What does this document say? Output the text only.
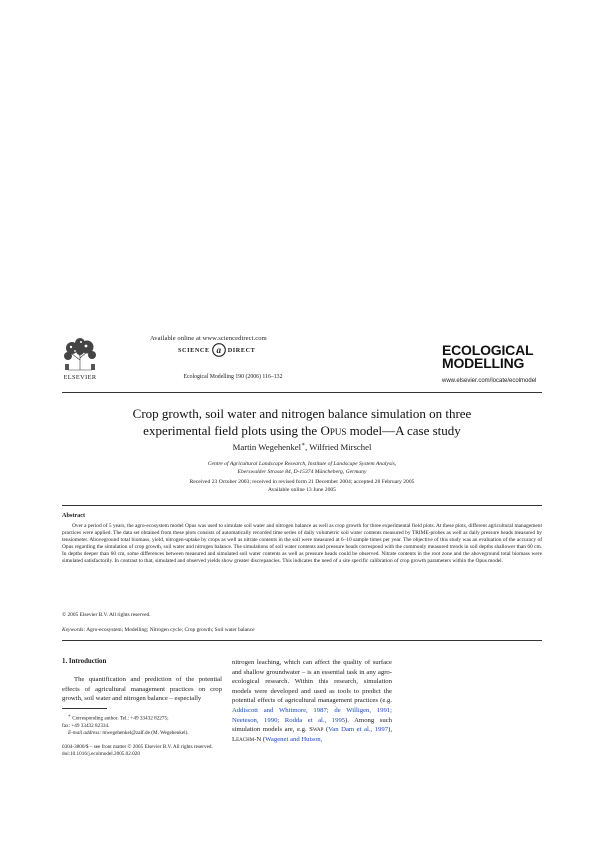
Available online at www.sciencedirect.com
SCIENCE a DIRECT
Ecological Modelling 190 (2006) 116–132
ELSEVIER
ECOLOGICAL
MODELLING
www.elsevier.com/locate/ecolmodel
Crop growth, soil water and nitrogen balance simulation on three
experimental field plots using the Opus model—A case study
Martin Wegehenkel∗, Wilfried Mirschel
Centre of Agricultural Landscape Research, Institute of Landscape System Analysis,
Eberswalder Strasse 84, D-15374 Müncheberg, Germany
Received 23 October 2003; received in revised form 21 December 2004; accepted 28 February 2005
Available online 13 June 2005
Abstract
Over a period of 5 years, the agro-ecosystem model Opus was used to simulate soil water and nitrogen balance as well as crop growth for three experimental field plots. At these plots, different agricultural management practices were applied. The data set obtained from these plots consists of automatically recorded time series of daily volumetric soil water contents measured by TRIME-probes as well as daily pressure heads measured by tensiometer. Aboveground total biomass, yield, nitrogen-uptake by crops as well as nitrate contents in the soil were measured at 6–10 sample times per year. The objective of this study was an evaluation of the accuracy of Opus regarding the simulation of crop growth, soil water and nitrogen balance. The simulations of soil water contents and pressure heads correspond with the commonly measured trends in soil depths shallower than 60 cm. In depths deeper than 60 cm, some differences between measured and simulated soil water contents as well as pressure heads could be observed. Nitrate contents in the root zone and the aboveground total biomass were simulated satisfactorily. In contrast to that, simulated and observed yields show greater discrepancies. This indicates the need of a site specific calibration of crop growth parameters within the Opus model.
© 2005 Elsevier B.V. All rights reserved.
Keywords: Agro-ecosystem; Modelling; Nitrogen cycle; Crop growth; Soil water balance
1. Introduction
The quantification and prediction of the potential effects of agricultural management practices on crop growth, soil water and nitrogen balance – especially
∗ Corresponding author. Tel.: +49 33432 82275;
fax: +49 33432 82334.
E-mail address: mwegehenkel@zalf.de (M. Wegehenkel).
nitrogen leaching, which can affect the quality of surface and shallow groundwater – is an essential task in any agro-ecological research. Within this research, simulation models were developed and used as tools to predict the potential effects of agricultural management practices (e.g. Addiscott and Whitmore, 1987; de Willigen, 1991; Neeteson, 1990; Rodda et al., 1995). Among such simulation models are, e.g. Swap (Van Dam et al., 1997), Leachm-N (Wagenet and Hutson,
0304-3800/$ – see front matter © 2005 Elsevier B.V. All rights reserved.
doi:10.1016/j.ecolmodel.2005.02.020
